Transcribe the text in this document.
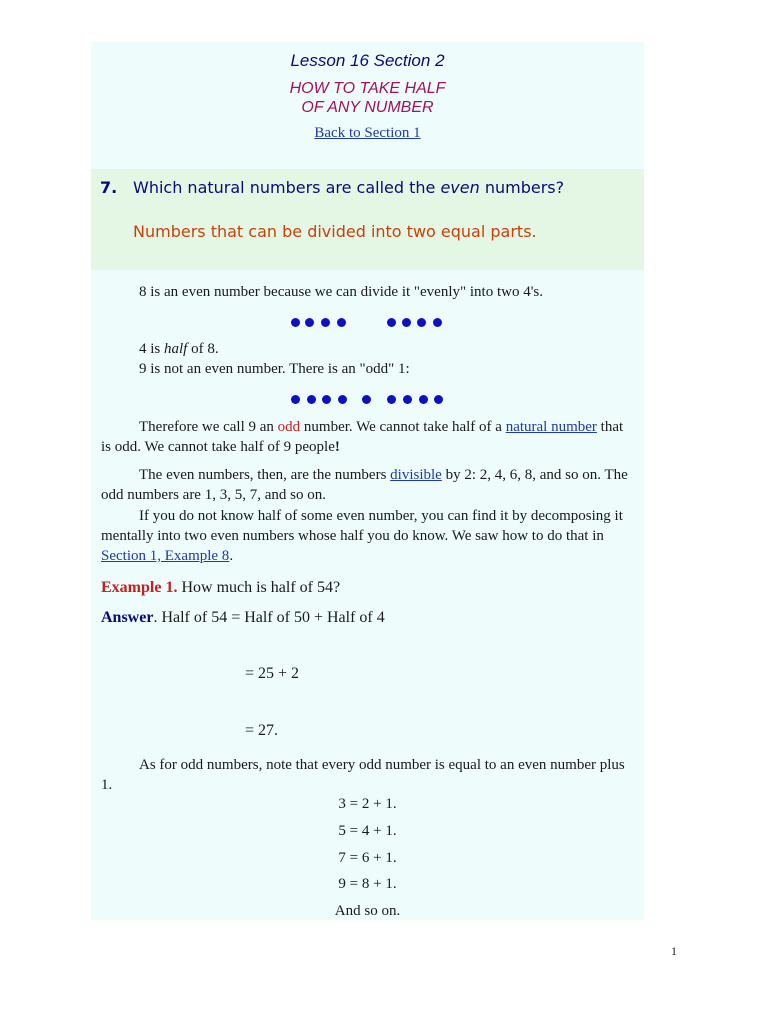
Lesson 16 Section 2
HOW TO TAKE HALF
OF ANY NUMBER
Back to Section 1
7. Which natural numbers are called the even numbers?
Numbers that can be divided into two equal parts.
8 is an even number because we can divide it "evenly" into two 4's.
4 is half of 8.
9 is not an even number. There is an "odd" 1:
Therefore we call 9 an odd number. We cannot take half of a natural number that is odd. We cannot take half of 9 people!
The even numbers, then, are the numbers divisible by 2: 2, 4, 6, 8, and so on. The odd numbers are 1, 3, 5, 7, and so on.
If you do not know half of some even number, you can find it by decomposing it mentally into two even numbers whose half you do know. We saw how to do that in Section 1, Example 8.
Example 1. How much is half of 54?
Answer. Half of 54 = Half of 50 + Half of 4
= 25 + 2
= 27.
As for odd numbers, note that every odd number is equal to an even number plus 1.
3 = 2 + 1.
5 = 4 + 1.
7 = 6 + 1.
9 = 8 + 1.
And so on.
1
